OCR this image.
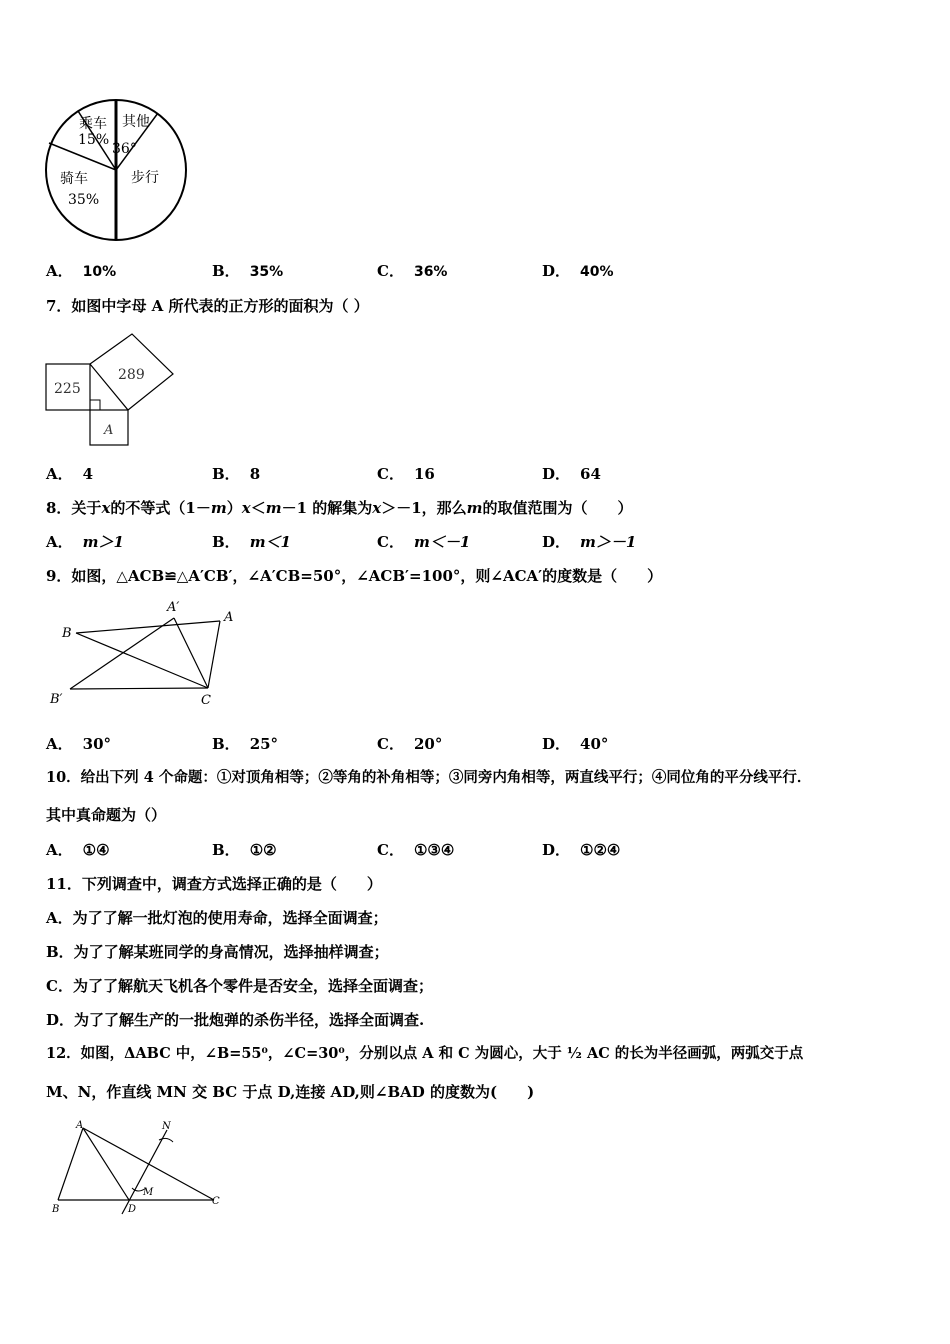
乘车
15%
其他
36°
骑车
35%
步行
A． 10%	B． 35%	C． 36%	D． 40%
7．如图中字母 A 所代表的正方形的面积为（ ）
225
289
A
A． 4	B． 8	C． 16	D． 64
8．关于x的不等式（1－m）x＜m－1 的解集为x＞－1，那么m的取值范围为（　　）
A． m＞1	B． m＜1	C． m＜－1	D． m＞－1
9．如图，△ACB≌△A′CB′，∠A′CB=50°，∠ACB′=100°，则∠ACA′的度数是（　　）
B
A′
A
B′	C
A． 30°	B． 25°	C． 20°	D． 40°
10．给出下列 4 个命题：①对顶角相等；②等角的补角相等；③同旁内角相等，两直线平行；④同位角的平分线平行．
其中真命题为（）
A． ①④	B． ①②	C． ①③④	D． ①②④
11．下列调查中，调查方式选择正确的是（　　）
A．为了了解一批灯泡的使用寿命，选择全面调查；
B．为了了解某班同学的身高情况，选择抽样调查；
C．为了了解航天飞机各个零件是否安全，选择全面调查；
D．为了了解生产的一批炮弹的杀伤半径，选择全面调查.
12．如图，ΔABC 中，∠B=55⁰，∠C=30⁰，分别以点 A 和 C 为圆心，大于 ½ AC 的长为半径画弧，两弧交于点
M、N，作直线 MN 交 BC 于点 D,连接 AD,则∠BAD 的度数为(　　)
A	N
M
B	D
C
